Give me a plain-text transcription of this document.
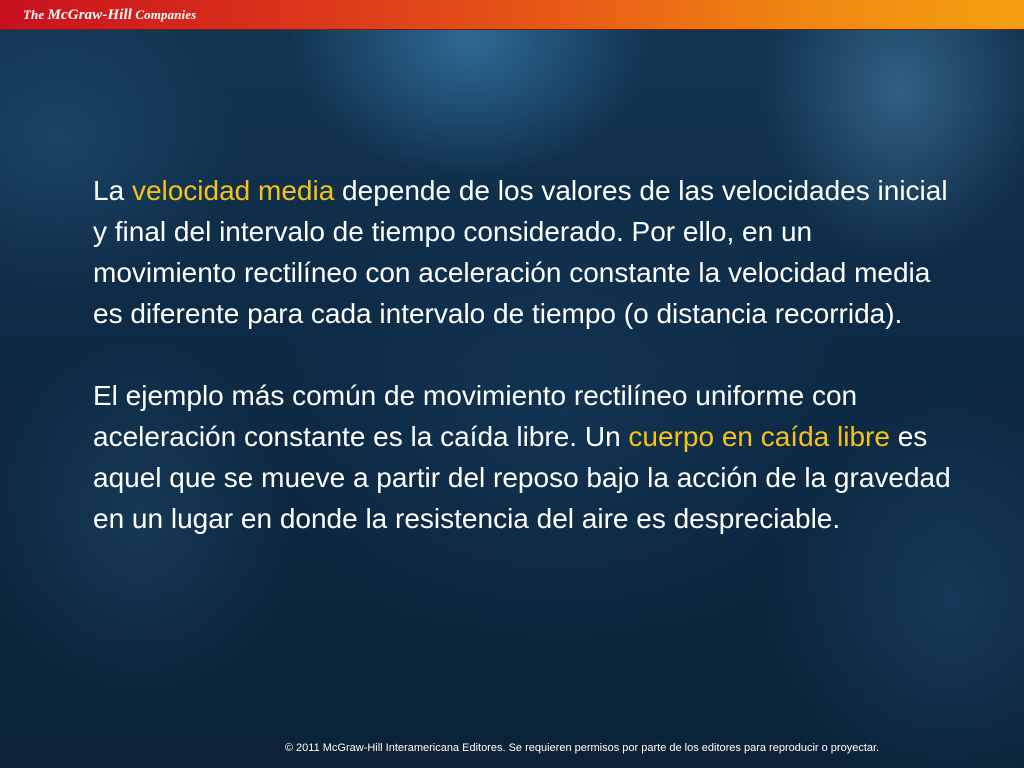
The McGraw-Hill Companies

La velocidad media depende de los valores de las velocidades inicial y final del intervalo de tiempo considerado. Por ello, en un movimiento rectilíneo con aceleración constante la velocidad media es diferente para cada intervalo de tiempo (o distancia recorrida).

El ejemplo más común de movimiento rectilíneo uniforme con aceleración constante es la caída libre. Un cuerpo en caída libre es aquel que se mueve a partir del reposo bajo la acción de la gravedad en un lugar en donde la resistencia del aire es despreciable.

© 2011 McGraw-Hill Interamericana Editores. Se requieren permisos por parte de los editores para reproducir o proyectar.
